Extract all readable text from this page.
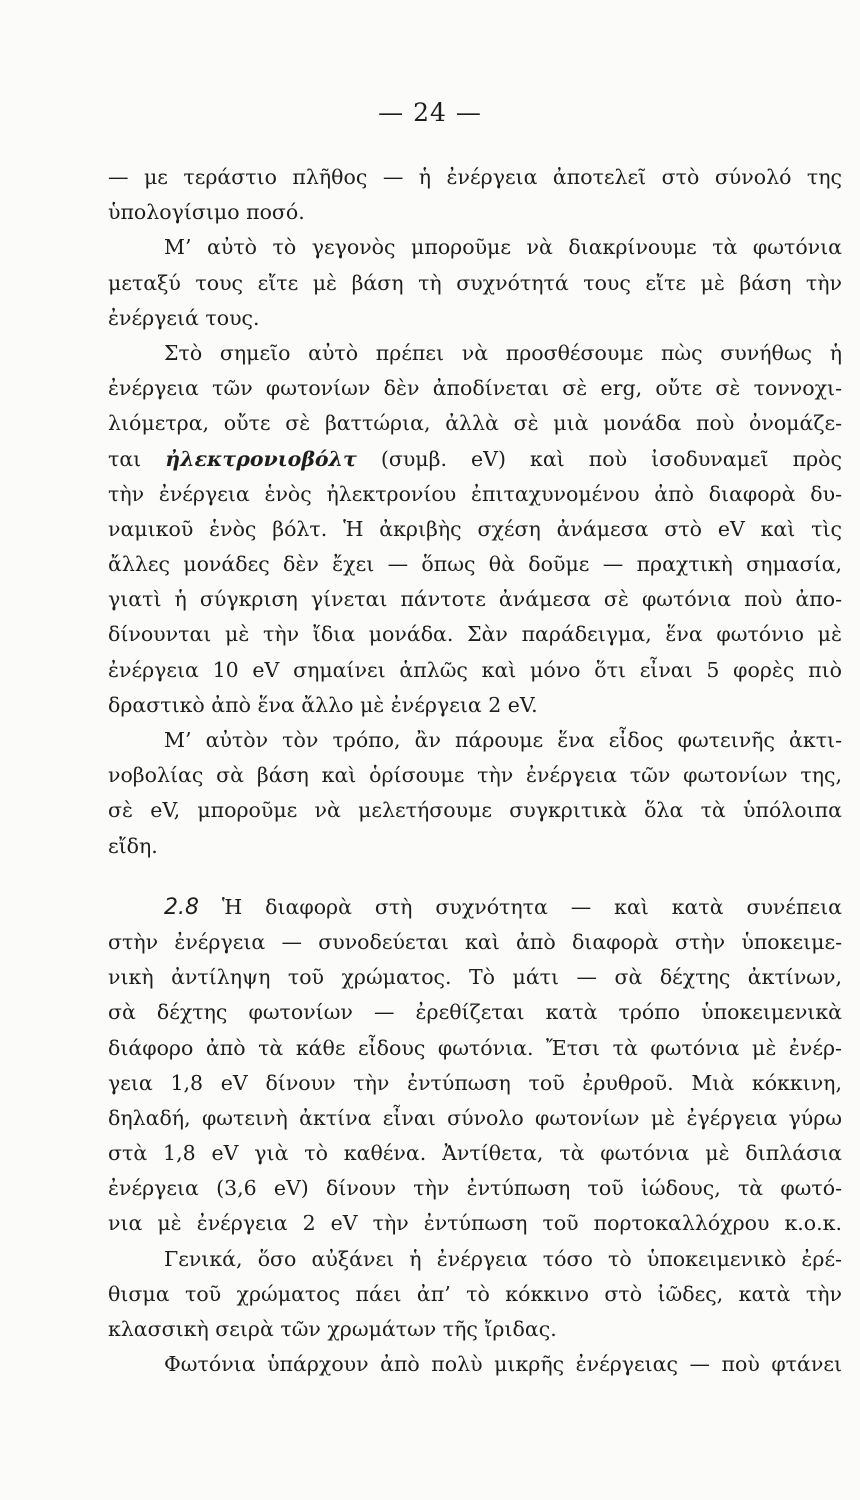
— 24 —
— με τεράστιο πλῆθος — ἡ ἐνέργεια ἀποτελεῖ στὸ σύνολό της
ὑπολογίσιμο ποσό.
Μ’ αὐτὸ τὸ γεγονὸς μποροῦμε νὰ διακρίνουμε τὰ φωτόνια
μεταξύ τους εἴτε μὲ βάση τὴ συχνότητά τους εἴτε μὲ βάση τὴν
ἐνέργειά τους.
Στὸ σημεῖο αὐτὸ πρέπει νὰ προσθέσουμε πὼς συνήθως ἡ
ἐνέργεια τῶν φωτονίων δὲν ἀποδίνεται σὲ erg, οὔτε σὲ τοννοχι-
λιόμετρα, οὔτε σὲ βαττώρια, ἀλλὰ σὲ μιὰ μονάδα ποὺ ὀνομάζε-
ται ἠλεκτρονιοβόλτ (συμβ. eV) καὶ ποὺ ἰσοδυναμεῖ πρὸς
τὴν ἐνέργεια ἑνὸς ἠλεκτρονίου ἐπιταχυνομένου ἀπὸ διαφορὰ δυ-
ναμικοῦ ἑνὸς βόλτ. Ἡ ἀκριβὴς σχέση ἀνάμεσα στὸ eV καὶ τὶς
ἄλλες μονάδες δὲν ἔχει — ὅπως θὰ δοῦμε — πραχτικὴ σημασία,
γιατὶ ἡ σύγκριση γίνεται πάντοτε ἀνάμεσα σὲ φωτόνια ποὺ ἀπο-
δίνουνται μὲ τὴν ἴδια μονάδα. Σὰν παράδειγμα, ἕνα φωτόνιο μὲ
ἐνέργεια 10 eV σημαίνει ἁπλῶς καὶ μόνο ὅτι εἶναι 5 φορὲς πιὸ
δραστικὸ ἀπὸ ἕνα ἄλλο μὲ ἐνέργεια 2 eV.
Μ’ αὐτὸν τὸν τρόπο, ἂν πάρουμε ἕνα εἶδος φωτεινῆς ἀκτι-
νοβολίας σὰ βάση καὶ ὁρίσουμε τὴν ἐνέργεια τῶν φωτονίων της,
σὲ eV, μποροῦμε νὰ μελετήσουμε συγκριτικὰ ὅλα τὰ ὑπόλοιπα
εἴδη.
2.8 Ἡ διαφορὰ στὴ συχνότητα — καὶ κατὰ συνέπεια
στὴν ἐνέργεια — συνοδεύεται καὶ ἀπὸ διαφορὰ στὴν ὑποκειμε-
νικὴ ἀντίληψη τοῦ χρώματος. Τὸ μάτι — σὰ δέχτης ἀκτίνων,
σὰ δέχτης φωτονίων — ἐρεθίζεται κατὰ τρόπο ὑποκειμενικὰ
διάφορο ἀπὸ τὰ κάθε εἶδους φωτόνια. Ἔτσι τὰ φωτόνια μὲ ἐνέρ-
γεια 1,8 eV δίνουν τὴν ἐντύπωση τοῦ ἐρυθροῦ. Μιὰ κόκκινη,
δηλαδή, φωτεινὴ ἀκτίνα εἶναι σύνολο φωτονίων μὲ ἐγέργεια γύρω
στὰ 1,8 eV γιὰ τὸ καθένα. Ἀντίθετα, τὰ φωτόνια μὲ διπλάσια
ἐνέργεια (3,6 eV) δίνουν τὴν ἐντύπωση τοῦ ἰώδους, τὰ φωτό-
νια μὲ ἐνέργεια 2 eV τὴν ἐντύπωση τοῦ πορτοκαλλόχρου κ.ο.κ.
Γενικά, ὅσο αὐξάνει ἡ ἐνέργεια τόσο τὸ ὑποκειμενικὸ ἐρέ-
θισμα τοῦ χρώματος πάει ἀπ’ τὸ κόκκινο στὸ ἰῶδες, κατὰ τὴν
κλασσικὴ σειρὰ τῶν χρωμάτων τῆς ἴριδας.
Φωτόνια ὑπάρχουν ἀπὸ πολὺ μικρῆς ἐνέργειας — ποὺ φτάνει
